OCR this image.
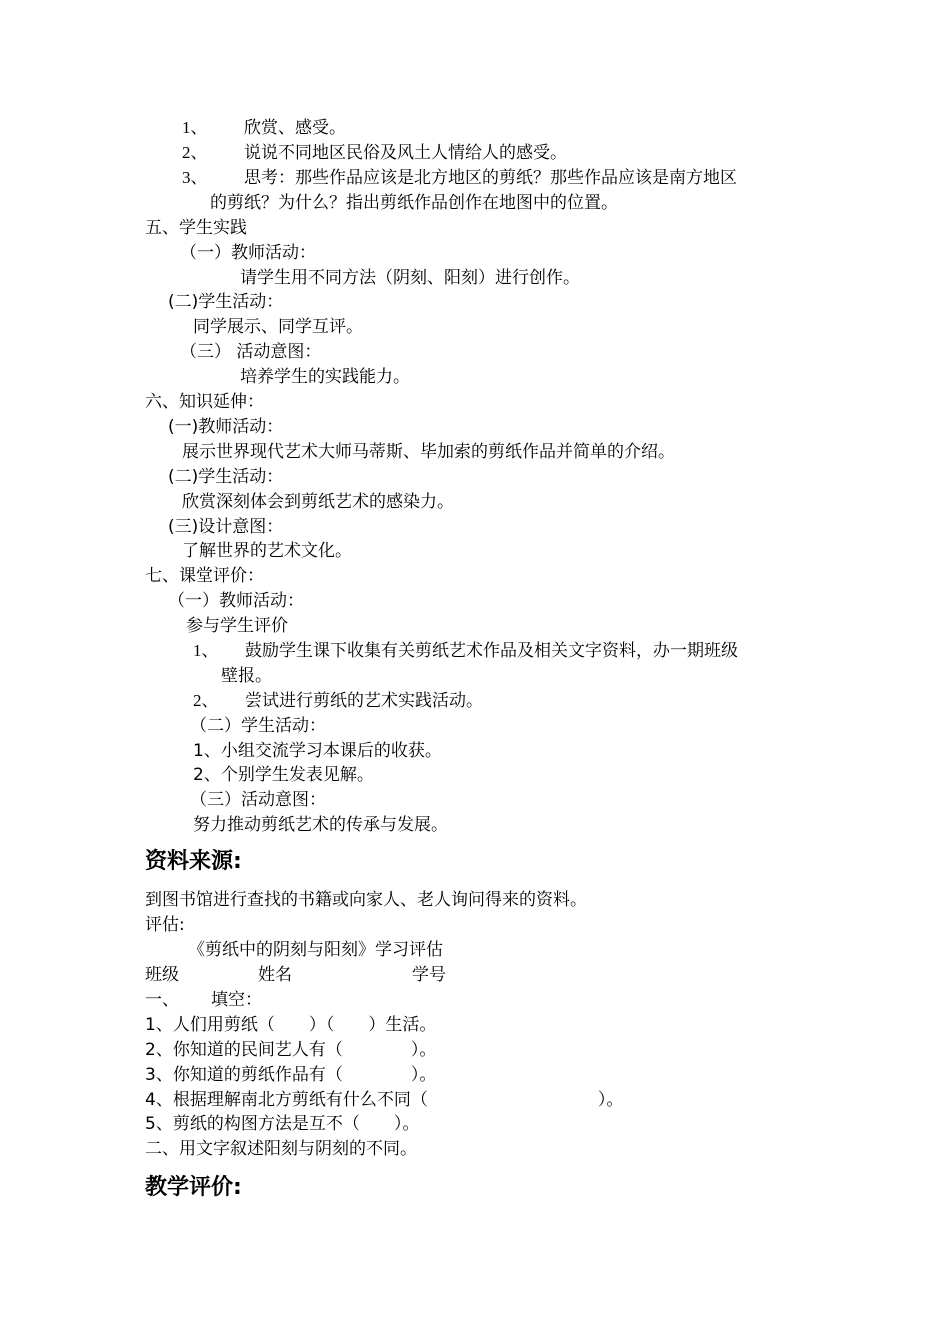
1、 欣赏、感受。
2、 说说不同地区民俗及风土人情给人的感受。
3、 思考：那些作品应该是北方地区的剪纸？那些作品应该是南方地区
的剪纸？为什么？指出剪纸作品创作在地图中的位置。
五、学生实践
（一）教师活动：
请学生用不同方法（阴刻、阳刻）进行创作。
(二)学生活动：
同学展示、同学互评。
（三） 活动意图：
培养学生的实践能力。
六、知识延伸：
(一)教师活动：
展示世界现代艺术大师马蒂斯、毕加索的剪纸作品并简单的介绍。
(二)学生活动：
欣赏深刻体会到剪纸艺术的感染力。
(三)设计意图：
了解世界的艺术文化。
七、课堂评价：
（一）教师活动：
参与学生评价
1、 鼓励学生课下收集有关剪纸艺术作品及相关文字资料，办一期班级
壁报。
2、 尝试进行剪纸的艺术实践活动。
（二）学生活动：
1、小组交流学习本课后的收获。
2、个别学生发表见解。
（三）活动意图：
努力推动剪纸艺术的传承与发展。
资料来源:
到图书馆进行查找的书籍或向家人、老人询问得来的资料。
评估:
《剪纸中的阴刻与阳刻》学习评估
班级	姓名	学号
一、 填空：
1、人们用剪纸（　　）（　　）生活。
2、你知道的民间艺人有（　　　　）。
3、你知道的剪纸作品有（　　　　）。
4、根据理解南北方剪纸有什么不同（　　　　　　　　　　）。
5、剪纸的构图方法是互不（　　）。
二、用文字叙述阳刻与阴刻的不同。
教学评价:
